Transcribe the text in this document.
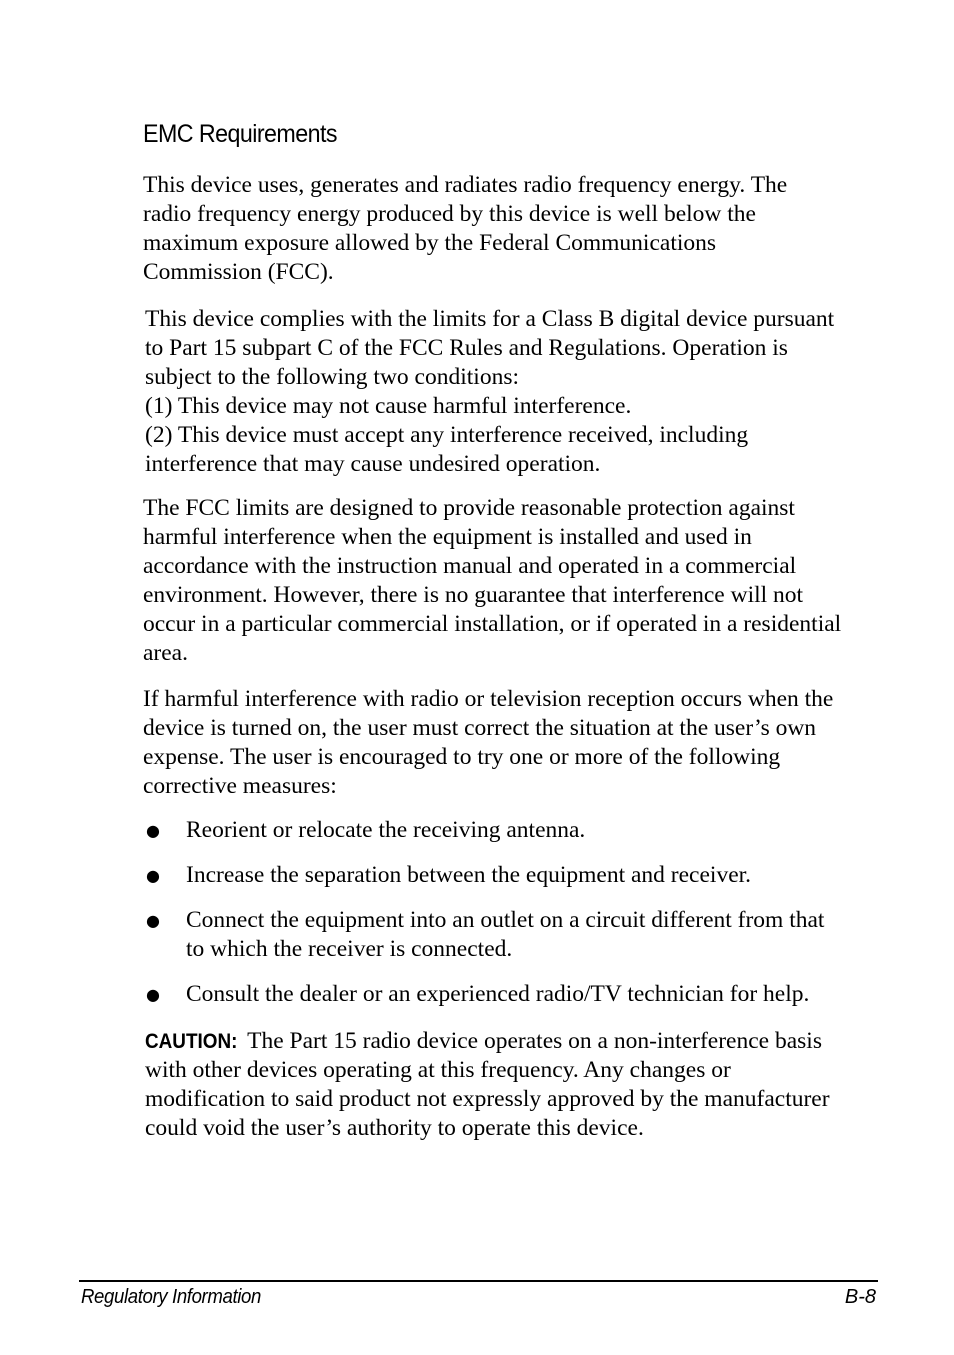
EMC Requirements

This device uses, generates and radiates radio frequency energy. The
radio frequency energy produced by this device is well below the
maximum exposure allowed by the Federal Communications
Commission (FCC).

This device complies with the limits for a Class B digital device pursuant
to Part 15 subpart C of the FCC Rules and Regulations. Operation is
subject to the following two conditions:
(1) This device may not cause harmful interference.
(2) This device must accept any interference received, including
interference that may cause undesired operation.

The FCC limits are designed to provide reasonable protection against
harmful interference when the equipment is installed and used in
accordance with the instruction manual and operated in a commercial
environment. However, there is no guarantee that interference will not
occur in a particular commercial installation, or if operated in a residential
area.

If harmful interference with radio or television reception occurs when the
device is turned on, the user must correct the situation at the user’s own
expense. The user is encouraged to try one or more of the following
corrective measures:

● Reorient or relocate the receiving antenna.
● Increase the separation between the equipment and receiver.
● Connect the equipment into an outlet on a circuit different from that
to which the receiver is connected.
● Consult the dealer or an experienced radio/TV technician for help.

CAUTION: The Part 15 radio device operates on a non-interference basis
with other devices operating at this frequency. Any changes or
modification to said product not expressly approved by the manufacturer
could void the user’s authority to operate this device.

Regulatory Information	B-8
